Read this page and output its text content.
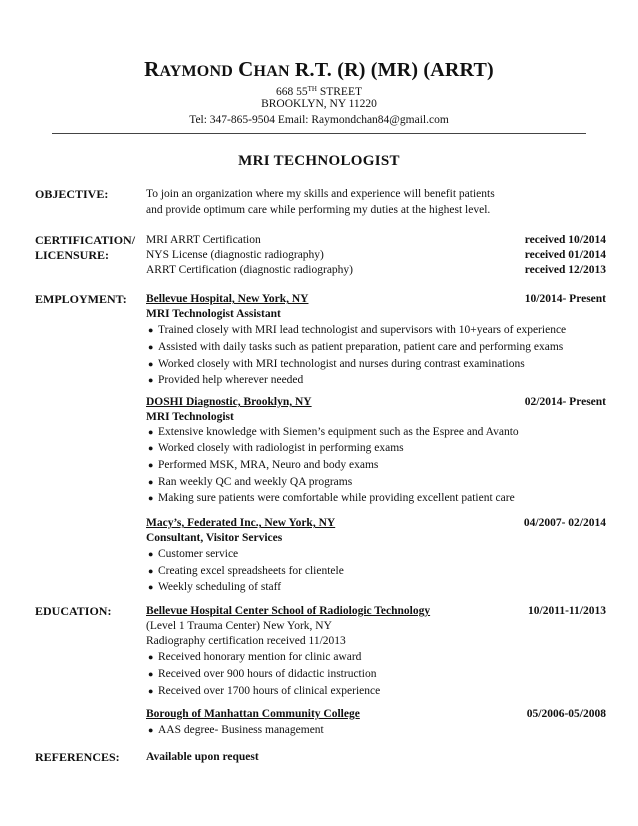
RAYMOND CHAN R.T. (R) (MR) (ARRT)
668 55TH STREET
BROOKLYN, NY 11220
Tel: 347-865-9504 Email: Raymondchan84@gmail.com
MRI TECHNOLOGIST
OBJECTIVE:	To join an organization where my skills and experience will benefit patients
and provide optimum care while performing my duties at the highest level.
CERTIFICATION/
LICENSURE:
MRI ARRT Certification	received 10/2014
NYS License (diagnostic radiography)	received 01/2014
ARRT Certification (diagnostic radiography)	received 12/2013
EMPLOYMENT: Bellevue Hospital, New York, NY	10/2014- Present
MRI Technologist Assistant
● Trained closely with MRI lead technologist and supervisors with 10+years of experience
● Assisted with daily tasks such as patient preparation, patient care and performing exams
● Worked closely with MRI technologist and nurses during contrast examinations
● Provided help wherever needed
DOSHI Diagnostic, Brooklyn, NY	02/2014- Present
MRI Technologist
● Extensive knowledge with Siemen’s equipment such as the Espree and Avanto
● Worked closely with radiologist in performing exams
● Performed MSK, MRA, Neuro and body exams
● Ran weekly QC and weekly QA programs
● Making sure patients were comfortable while providing excellent patient care
Macy’s, Federated Inc., New York, NY	04/2007- 02/2014
Consultant, Visitor Services
● Customer service
● Creating excel spreadsheets for clientele
● Weekly scheduling of staff
EDUCATION:	Bellevue Hospital Center School of Radiologic Technology	10/2011-11/2013
(Level 1 Trauma Center) New York, NY
Radiography certification received 11/2013
● Received honorary mention for clinic award
● Received over 900 hours of didactic instruction
● Received over 1700 hours of clinical experience
Borough of Manhattan Community College	05/2006-05/2008
● AAS degree- Business management
REFERENCES: Available upon request
